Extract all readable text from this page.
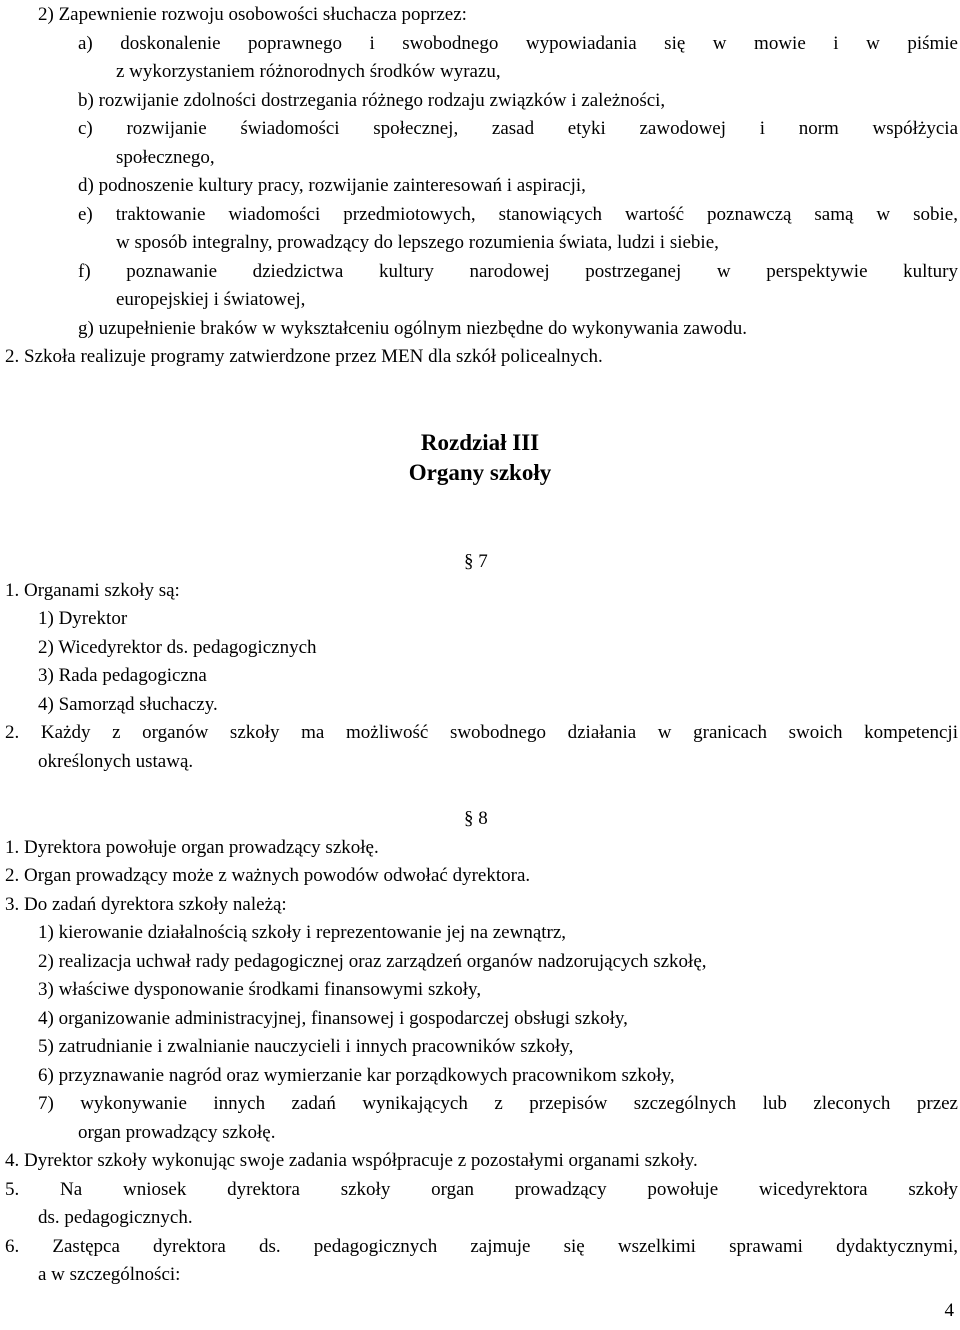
2) Zapewnienie rozwoju osobowości słuchacza poprzez:
a) doskonalenie poprawnego i swobodnego wypowiadania się w mowie i w piśmie
z wykorzystaniem różnorodnych środków wyrazu,
b) rozwijanie zdolności dostrzegania różnego rodzaju związków i zależności,
c) rozwijanie świadomości społecznej, zasad etyki zawodowej i norm współżycia
społecznego,
d) podnoszenie kultury pracy, rozwijanie zainteresowań i aspiracji,
e) traktowanie wiadomości przedmiotowych, stanowiących wartość poznawczą samą w sobie,
w sposób integralny, prowadzący do lepszego rozumienia świata, ludzi i siebie,
f) poznawanie dziedzictwa kultury narodowej postrzeganej w perspektywie kultury
europejskiej i światowej,
g) uzupełnienie braków w wykształceniu ogólnym niezbędne do wykonywania zawodu.
2. Szkoła realizuje programy zatwierdzone przez MEN dla szkół policealnych.
Rozdział III
Organy szkoły
§ 7
1. Organami szkoły są:
1) Dyrektor
2) Wicedyrektor ds. pedagogicznych
3) Rada pedagogiczna
4) Samorząd słuchaczy.
2. Każdy z organów szkoły ma możliwość swobodnego działania w granicach swoich kompetencji
określonych ustawą.
§ 8
1. Dyrektora powołuje organ prowadzący szkołę.
2. Organ prowadzący może z ważnych powodów odwołać dyrektora.
3. Do zadań dyrektora szkoły należą:
1) kierowanie działalnością szkoły i reprezentowanie jej na zewnątrz,
2) realizacja uchwał rady pedagogicznej oraz zarządzeń organów nadzorujących szkołę,
3) właściwe dysponowanie środkami finansowymi szkoły,
4) organizowanie administracyjnej, finansowej i gospodarczej obsługi szkoły,
5) zatrudnianie i zwalnianie nauczycieli i innych pracowników szkoły,
6) przyznawanie nagród oraz wymierzanie kar porządkowych pracownikom szkoły,
7) wykonywanie innych zadań wynikających z przepisów szczególnych lub zleconych przez
organ prowadzący szkołę.
4. Dyrektor szkoły wykonując swoje zadania współpracuje z pozostałymi organami szkoły.
5. Na wniosek dyrektora szkoły organ prowadzący powołuje wicedyrektora szkoły
ds. pedagogicznych.
6. Zastępca dyrektora ds. pedagogicznych zajmuje się wszelkimi sprawami dydaktycznymi,
a w szczególności:
4
